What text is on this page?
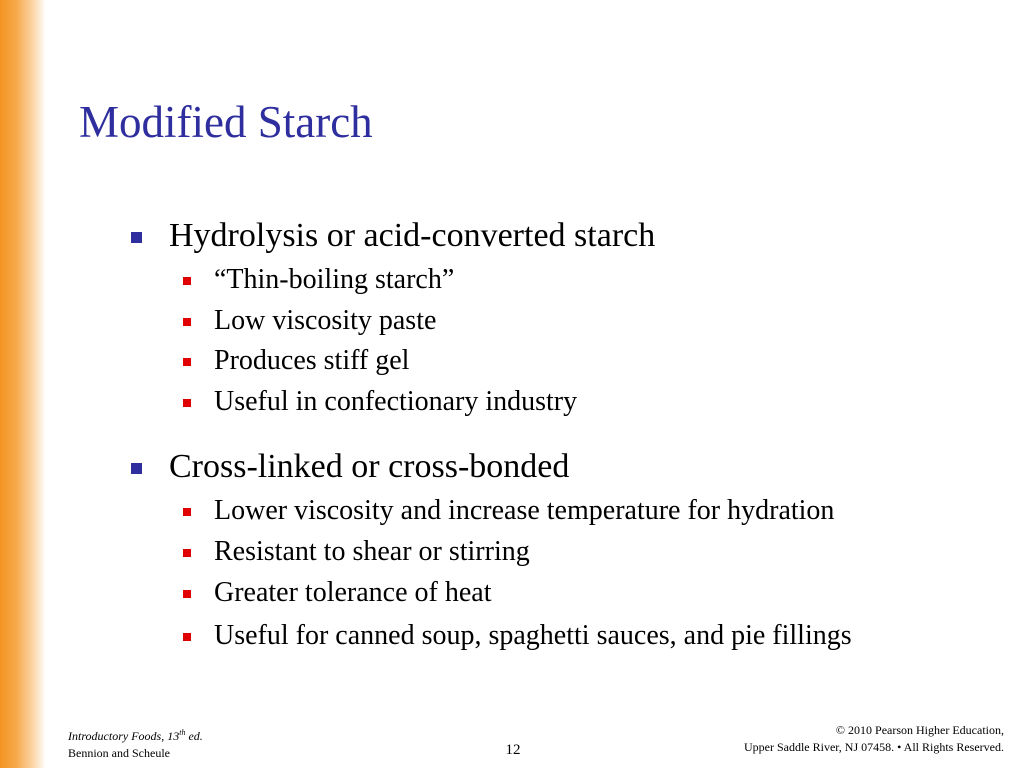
Modified Starch
Hydrolysis or acid-converted starch
“Thin-boiling starch”
Low viscosity paste
Produces stiff gel
Useful in confectionary industry
Cross-linked or cross-bonded
Lower viscosity and increase temperature for hydration
Resistant to shear or stirring
Greater tolerance of heat
Useful for canned soup, spaghetti sauces, and pie fillings
Introductory Foods, 13th ed.
Bennion and Scheule	12
© 2010 Pearson Higher Education,
Upper Saddle River, NJ 07458. • All Rights Reserved.
